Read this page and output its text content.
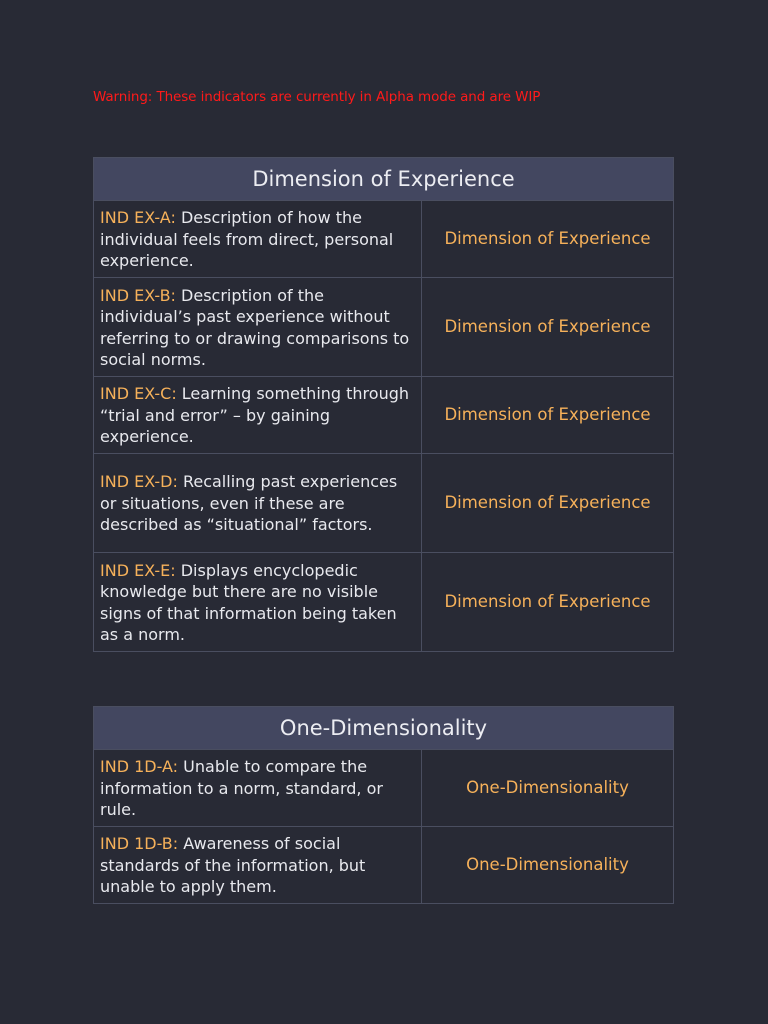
Warning: These indicators are currently in Alpha mode and are WIP

Dimension of Experience	
IND EX-A: Description of how the individual feels from direct, personal experience.	Dimension of Experience
IND EX-B: Description of the individual’s past experience without referring to or drawing comparisons to social norms.	Dimension of Experience
IND EX-C: Learning something through “trial and error” – by gaining experience.	Dimension of Experience
IND EX-D: Recalling past experiences or situations, even if these are described as “situational” factors.	Dimension of Experience
IND EX-E: Displays encyclopedic knowledge but there are no visible signs of that information being taken as a norm.	Dimension of Experience
One-Dimensionality	
IND 1D-A: Unable to compare the information to a norm, standard, or rule.	One-Dimensionality
IND 1D-B: Awareness of social standards of the information, but unable to apply them.	One-Dimensionality
